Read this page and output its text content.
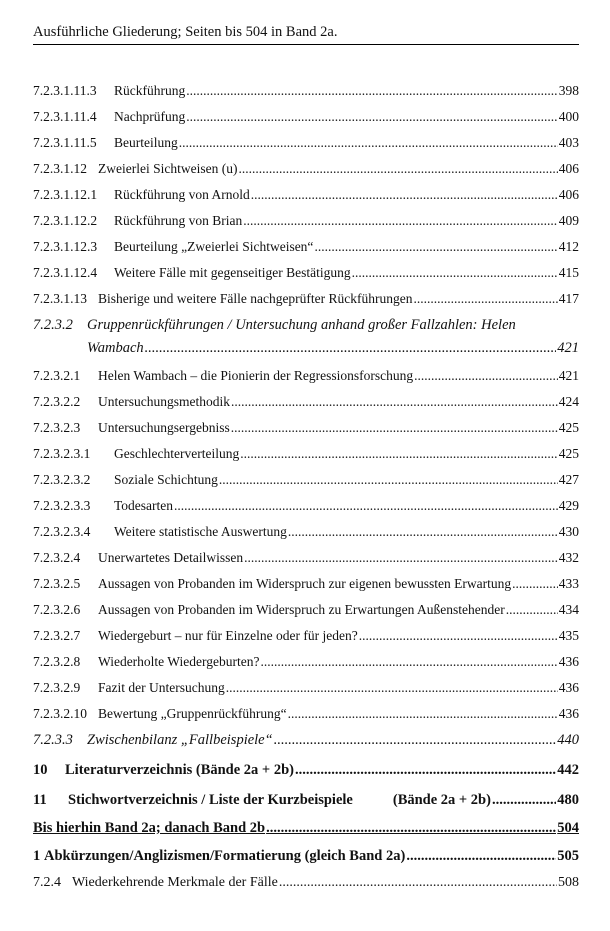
Ausführliche Gliederung; Seiten bis 504 in Band 2a.
7.2.3.1.11.3	Rückführung .....	398
7.2.3.1.11.4	Nachprüfung .....	400
7.2.3.1.11.5	Beurteilung .....	403
7.2.3.1.12 Zweierlei Sichtweisen (u) .....	406
7.2.3.1.12.1	Rückführung von Arnold .....	406
7.2.3.1.12.2	Rückführung von Brian .....	409
7.2.3.1.12.3	Beurteilung „Zweierlei Sichtweisen“ .....	412
7.2.3.1.12.4	Weitere Fälle mit gegenseitiger Bestätigung .....	415
7.2.3.1.13 Bisherige und weitere Fälle nachgeprüfter Rückführungen .....	417
7.2.3.2 Gruppenrückführungen / Untersuchung anhand großer Fallzahlen: Helen
Wambach .....	421
7.2.3.2.1	Helen Wambach – die Pionierin der Regressionsforschung .....	421
7.2.3.2.2	Untersuchungsmethodik .....	424
7.2.3.2.3	Untersuchungsergebniss .....	425
7.2.3.2.3.1	Geschlechterverteilung .....	425
7.2.3.2.3.2	Soziale Schichtung .....	427
7.2.3.2.3.3	Todesarten .....	429
7.2.3.2.3.4	Weitere statistische Auswertung .....	430
7.2.3.2.4	Unerwartetes Detailwissen .....	432
7.2.3.2.5	Aussagen von Probanden im Widerspruch zur eigenen bewussten Erwartung .....	433
7.2.3.2.6	Aussagen von Probanden im Widerspruch zu Erwartungen Außenstehender .....	434
7.2.3.2.7	Wiedergeburt – nur für Einzelne oder für jeden? .....	435
7.2.3.2.8	Wiederholte Wiedergeburten? .....	436
7.2.3.2.9	Fazit der Untersuchung .....	436
7.2.3.2.10 Bewertung „Gruppenrückführung“ .....	436
7.2.3.3 Zwischenbilanz „Fallbeispiele“ .....	440
10	Literaturverzeichnis (Bände 2a + 2b) .....	442
11	Stichwortverzeichnis / Liste der Kurzbeispiele	(Bände 2a + 2b) .....	480
Bis hierhin Band 2a; danach Band 2b .....	504
1 Abkürzungen/Anglizismen/Formatierung (gleich Band 2a) .....	505
7.2.4 Wiederkehrende Merkmale der Fälle .....	508
